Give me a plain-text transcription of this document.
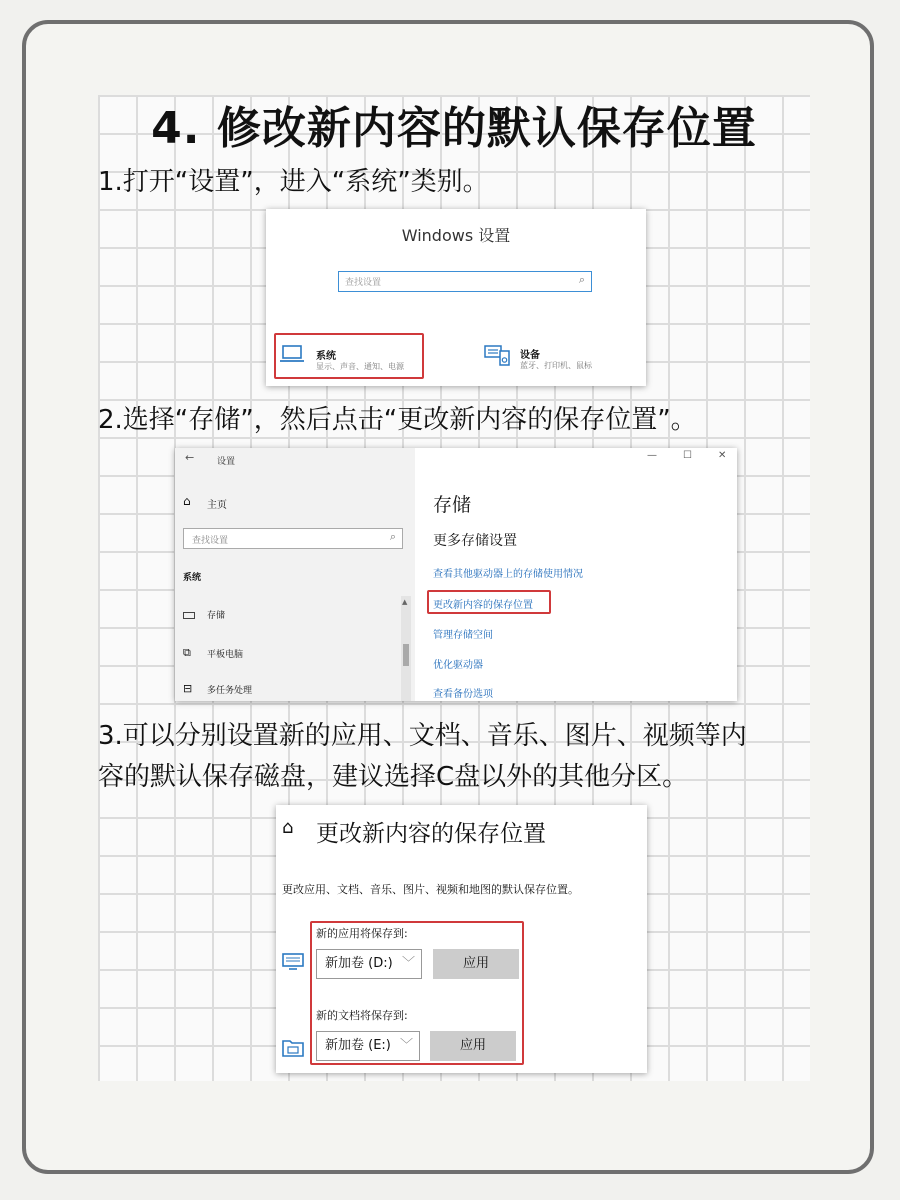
4. 修改新内容的默认保存位置

1.打开“设置”，进入“系统”类别。

Windows 设置
查找设置	⌕
系统
显示、声音、通知、电源
设备
蓝牙、打印机、鼠标

2.选择“存储”，然后点击“更改新内容的保存位置”。

←	设置
—	☐	✕
⌂ 主页
查找设置	⌕
系统
存储
⧉ 平板电脑
⊟ 多任务处理
▲
存储
更多存储设置
查看其他驱动器上的存储使用情况
更改新内容的保存位置
管理存储空间
优化驱动器
查看备份选项

3.可以分别设置新的应用、文档、音乐、图片、视频等内

容的默认保存磁盘，建议选择C盘以外的其他分区。

⌂ 更改新内容的保存位置
更改应用、文档、音乐、图片、视频和地图的默认保存位置。
新的应用将保存到:
新加卷 (D:) ﹀	应用
新的文档将保存到:
新加卷 (E:) ﹀	应用
